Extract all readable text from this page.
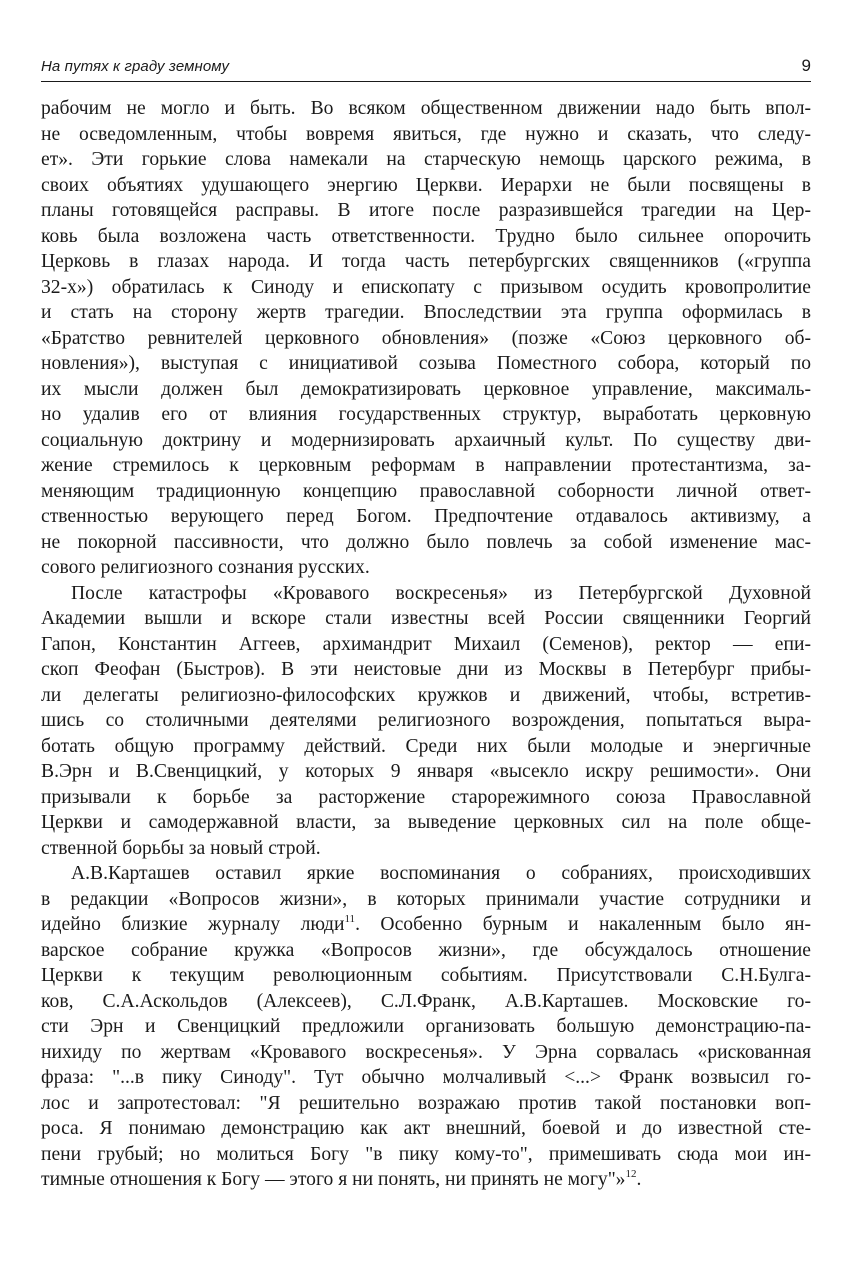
На путях к граду земному	9
рабочим не могло и быть. Во всяком общественном движении надо быть впол-
не осведомленным, чтобы вовремя явиться, где нужно и сказать, что следу-
ет». Эти горькие слова намекали на старческую немощь царского режима, в
своих объятиях удушающего энергию Церкви. Иерархи не были посвящены в
планы готовящейся расправы. В итоге после разразившейся трагедии на Цер-
ковь была возложена часть ответственности. Трудно было сильнее опорочить
Церковь в глазах народа. И тогда часть петербургских священников («группа
32-х») обратилась к Синоду и епископату с призывом осудить кровопролитие
и стать на сторону жертв трагедии. Впоследствии эта группа оформилась в
«Братство ревнителей церковного обновления» (позже «Союз церковного об-
новления»), выступая с инициативой созыва Поместного собора, который по
их мысли должен был демократизировать церковное управление, максималь-
но удалив его от влияния государственных структур, выработать церковную
социальную доктрину и модернизировать архаичный культ. По существу дви-
жение стремилось к церковным реформам в направлении протестантизма, за-
меняющим традиционную концепцию православной соборности личной ответ-
ственностью верующего перед Богом. Предпочтение отдавалось активизму, а
не покорной пассивности, что должно было повлечь за собой изменение мас-
сового религиозного сознания русских.
После катастрофы «Кровавого воскресенья» из Петербургской Духовной
Академии вышли и вскоре стали известны всей России священники Георгий
Гапон, Константин Аггеев, архимандрит Михаил (Семенов), ректор — епи-
скоп Феофан (Быстров). В эти неистовые дни из Москвы в Петербург прибы-
ли делегаты религиозно-философских кружков и движений, чтобы, встретив-
шись со столичными деятелями религиозного возрождения, попытаться выра-
ботать общую программу действий. Среди них были молодые и энергичные
В.Эрн и В.Свенцицкий, у которых 9 января «высекло искру решимости». Они
призывали к борьбе за расторжение старорежимного союза Православной
Церкви и самодержавной власти, за выведение церковных сил на поле обще-
ственной борьбы за новый строй.
А.В.Карташев оставил яркие воспоминания о собраниях, происходивших
в редакции «Вопросов жизни», в которых принимали участие сотрудники и
идейно близкие журналу люди$^{11}$. Особенно бурным и накаленным было ян-
варское собрание кружка «Вопросов жизни», где обсуждалось отношение
Церкви к текущим революционным событиям. Присутствовали С.Н.Булга-
ков, С.А.Аскольдов (Алексеев), С.Л.Франк, А.В.Карташев. Московские го-
сти Эрн и Свенцицкий предложили организовать большую демонстрацию-па-
нихиду по жертвам «Кровавого воскресенья». У Эрна сорвалась «рискованная
фраза: "...в пику Синоду". Тут обычно молчаливый <...> Франк возвысил го-
лос и запротестовал: "Я решительно возражаю против такой постановки воп-
роса. Я понимаю демонстрацию как акт внешний, боевой и до известной сте-
пени грубый; но молиться Богу "в пику кому-то", примешивать сюда мои ин-
тимные отношения к Богу — этого я ни понять, ни принять не могу"»$^{12}$.
